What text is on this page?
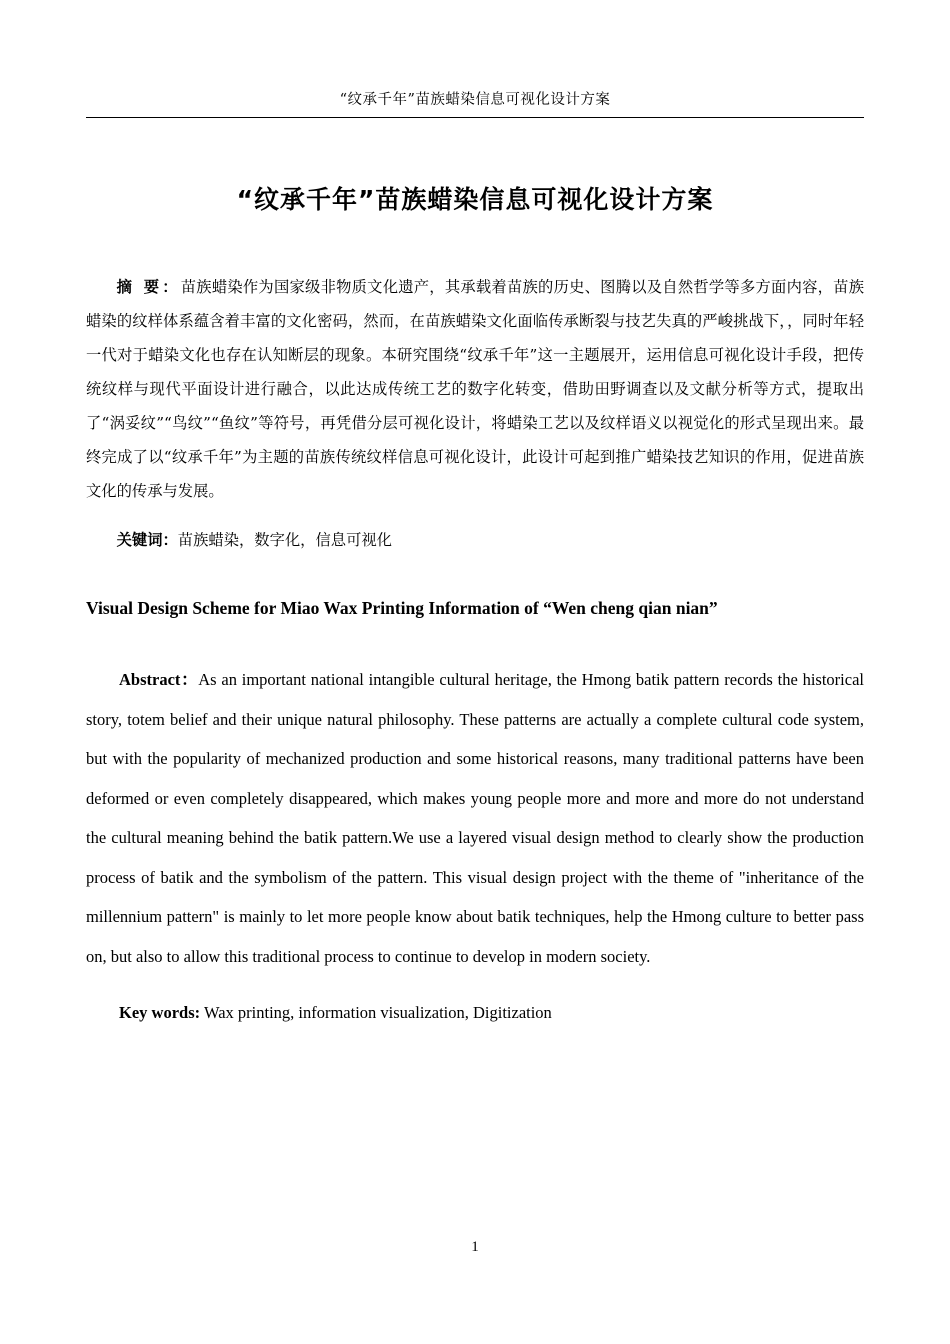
“纹承千年”苗族蜡染信息可视化设计方案
“纹承千年”苗族蜡染信息可视化设计方案

摘 要：苗族蜡染作为国家级非物质文化遗产，其承载着苗族的历史、图腾以及自然哲学等多方面内容，苗族蜡染的纹样体系蕴含着丰富的文化密码，然而，在苗族蜡染文化面临传承断裂与技艺失真的严峻挑战下，，同时年轻一代对于蜡染文化也存在认知断层的现象。本研究围绕“纹承千年”这一主题展开，运用信息可视化设计手段，把传统纹样与现代平面设计进行融合，以此达成传统工艺的数字化转变，借助田野调查以及文献分析等方式，提取出了“涡妥纹”“鸟纹”“鱼纹”等符号，再凭借分层可视化设计，将蜡染工艺以及纹样语义以视觉化的形式呈现出来。最终完成了以“纹承千年”为主题的苗族传统纹样信息可视化设计，此设计可起到推广蜡染技艺知识的作用，促进苗族文化的传承与发展。

关键词：苗族蜡染，数字化，信息可视化

Visual Design Scheme for Miao Wax Printing Information of “Wen cheng qian nian”

Abstract：As an important national intangible cultural heritage, the Hmong batik pattern records the historical story, totem belief and their unique natural philosophy. These patterns are actually a complete cultural code system, but with the popularity of mechanized production and some historical reasons, many traditional patterns have been deformed or even completely disappeared, which makes young people more and more and more do not understand the cultural meaning behind the batik pattern.We use a layered visual design method to clearly show the production process of batik and the symbolism of the pattern. This visual design project with the theme of "inheritance of the millennium pattern" is mainly to let more people know about batik techniques, help the Hmong culture to better pass on, but also to allow this traditional process to continue to develop in modern society.

Key words: Wax printing, information visualization, Digitization

1
